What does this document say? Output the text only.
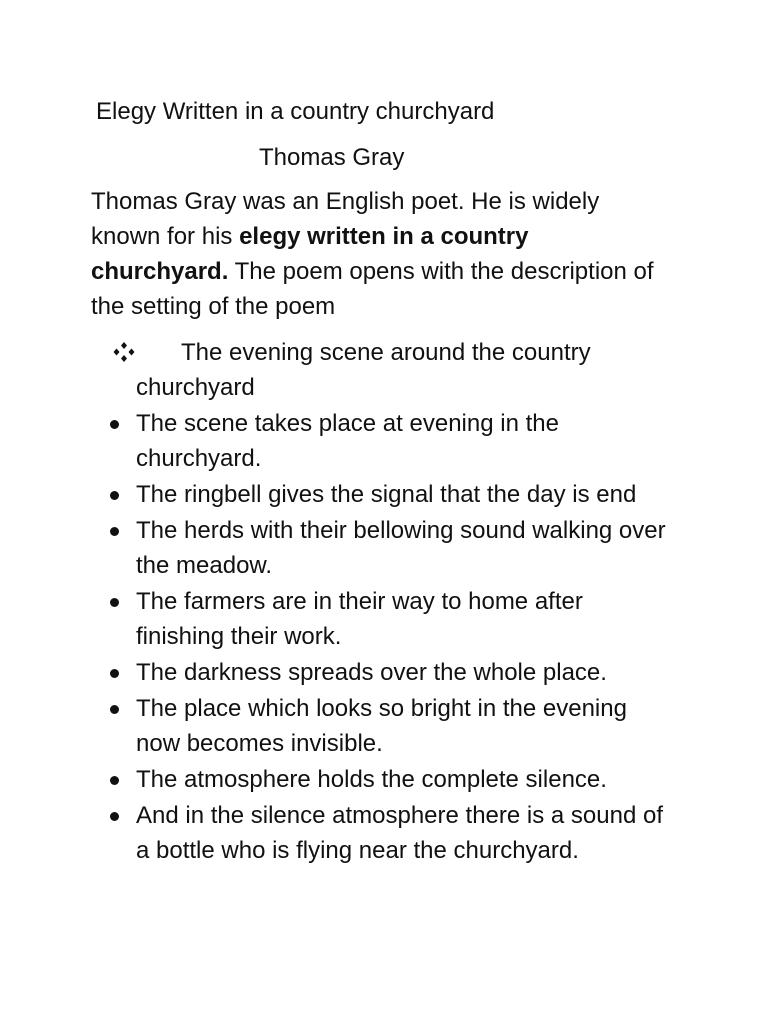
Elegy Written in a country churchyard

Thomas Gray

Thomas Gray was an English poet. He is widely known for his elegy written in a country churchyard. The poem opens with the description of the setting of the poem

The evening scene around the country churchyard
The scene takes place at evening in the churchyard.
The ringbell gives the signal that the day is end
The herds with their bellowing sound walking over the meadow.
The farmers are in their way to home after finishing their work.
The darkness spreads over the whole place.
The place which looks so bright in the evening now becomes invisible.
The atmosphere holds the complete silence.
And in the silence atmosphere there is a sound of a bottle who is flying near the churchyard.
